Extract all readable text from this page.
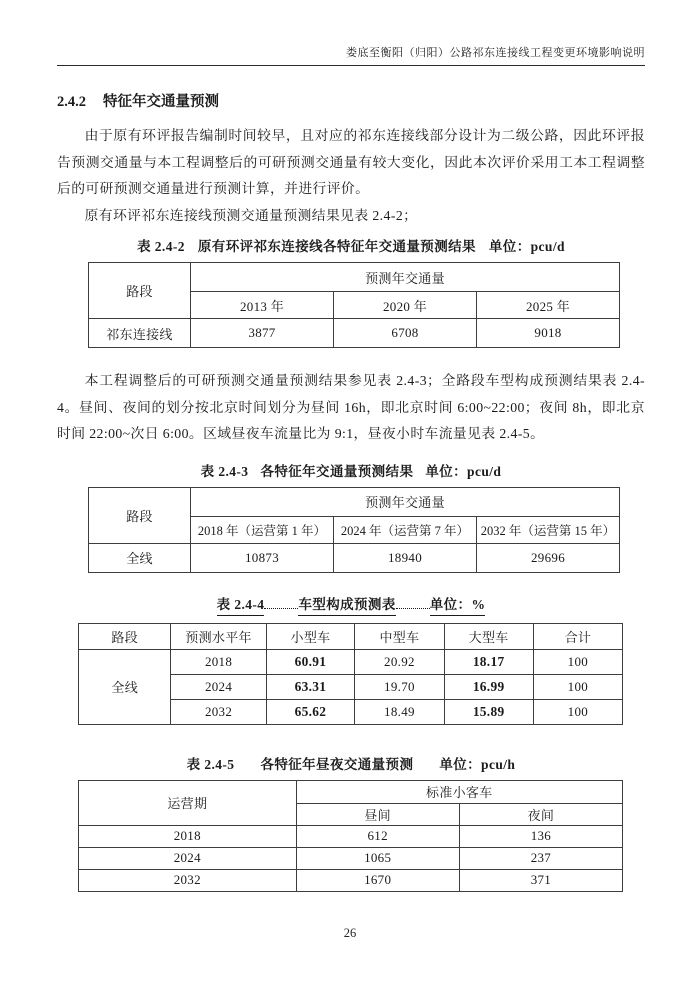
娄底至衡阳（归阳）公路祁东连接线工程变更环境影响说明
2.4.2 特征年交通量预测

由于原有环评报告编制时间较早，且对应的祁东连接线部分设计为二级公路，因此环评报告预测交通量与本工程调整后的可研预测交通量有较大变化，因此本次评价采用工本工程调整后的可研预测交通量进行预测计算，并进行评价。

原有环评祁东连接线预测交通量预测结果见表 2.4-2；

表 2.4-2 原有环评祁东连接线各特征年交通量预测结果 单位：pcu/d
路段	预测年交通量		
	2013 年	2020 年	2025 年
祁东连接线	3877	6708	9018

本工程调整后的可研预测交通量预测结果参见表 2.4-3；全路段车型构成预测结果表 2.4-4。昼间、夜间的划分按北京时间划分为昼间 16h，即北京时间 6:00~22:00；夜间 8h，即北京时间 22:00~次日 6:00。区域昼夜车流量比为 9:1，昼夜小时车流量见表 2.4-5。

表 2.4-3 各特征年交通量预测结果 单位：pcu/d
路段	预测年交通量		
	2018 年（运营第 1 年）	2024 年（运营第 7 年）	2032 年（运营第 15 年）
全线	10873	18940	29696
表 2.4-4	车型构成预测表	单位：%
路段	预测水平年	小型车	中型车	大型车	合计
全线	2018	60.91	20.92	18.17	100
	2024	63.31	19.70	16.99	100
	2032	65.62	18.49	15.89	100
表 2.4-5 各特征年昼夜交通量预测 单位：pcu/h
运营期	标准小客车	
	昼间	夜间
2018	612	136
2024	1065	237
2032	1670	371
26
